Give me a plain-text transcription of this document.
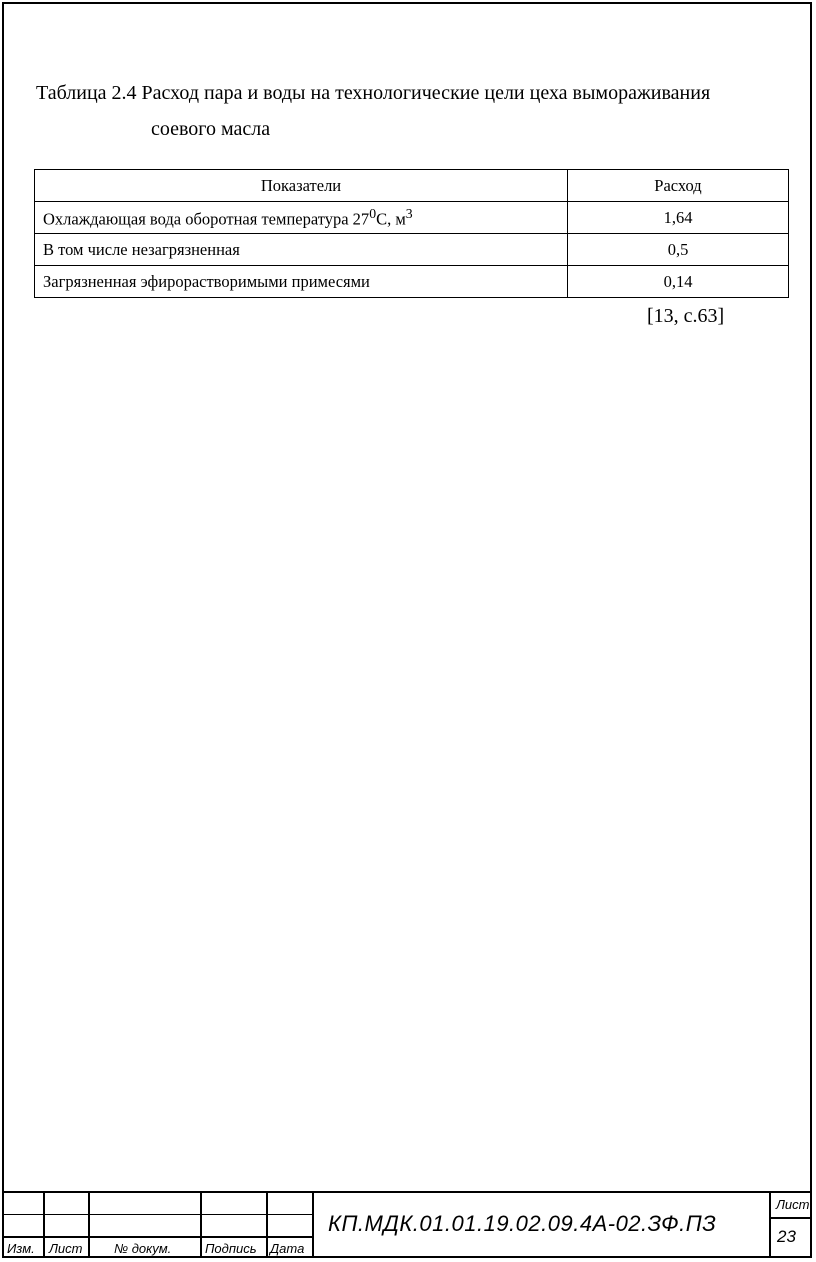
Таблица 2.4 Расход пара и воды на технологические цели цеха вымораживания
соевого масла
Показатели	Расход
Охлаждающая вода оборотная температура $27^0С$, $м^3$	1,64
В том числе незагрязненная	0,5
Загрязненная эфирорастворимыми примесями	0,14
[13, с.63]
Изм. Лист № докум.	Подпись Дата
КП.МДК.01.01.19.02.09.4А-02.ЗФ.ПЗ
Лист
23
